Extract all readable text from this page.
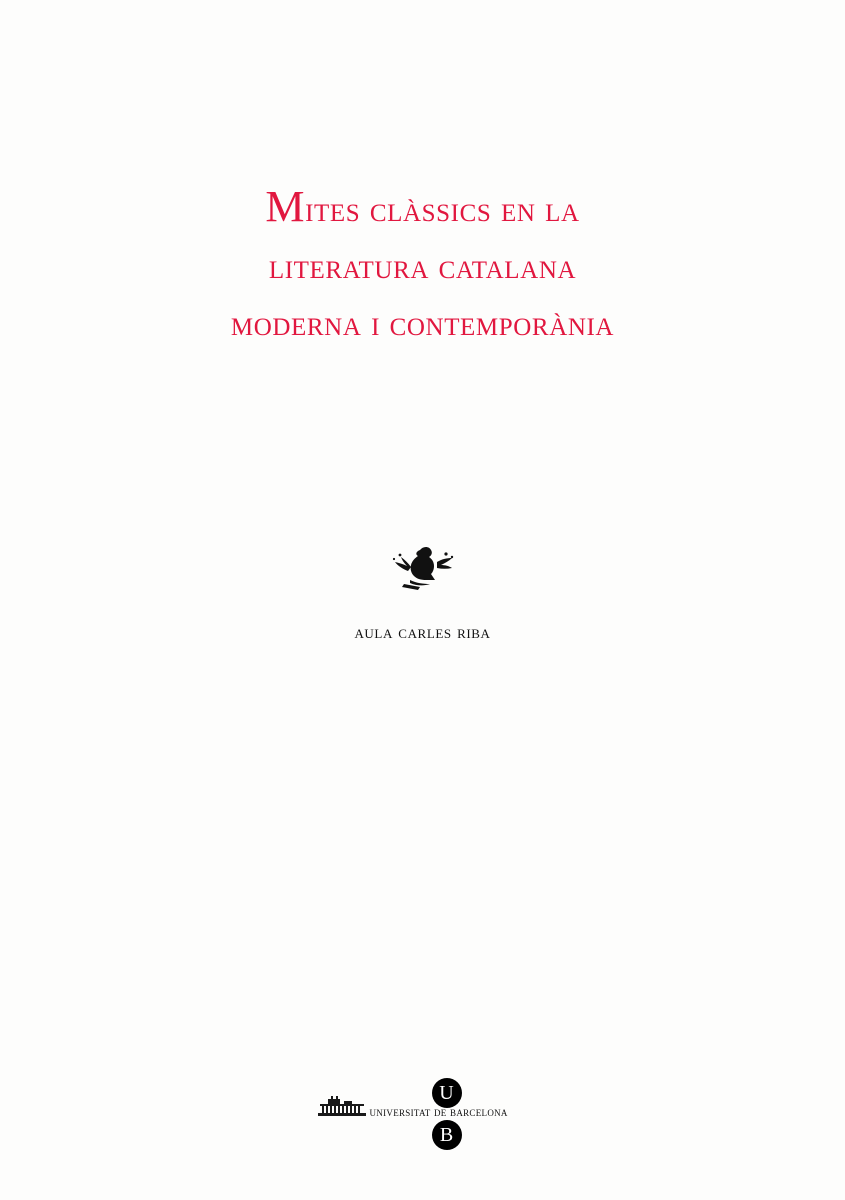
Mites clàssics en la
literatura catalana
moderna i contemporània
aula carles riba
U
B
universitat de barcelona
